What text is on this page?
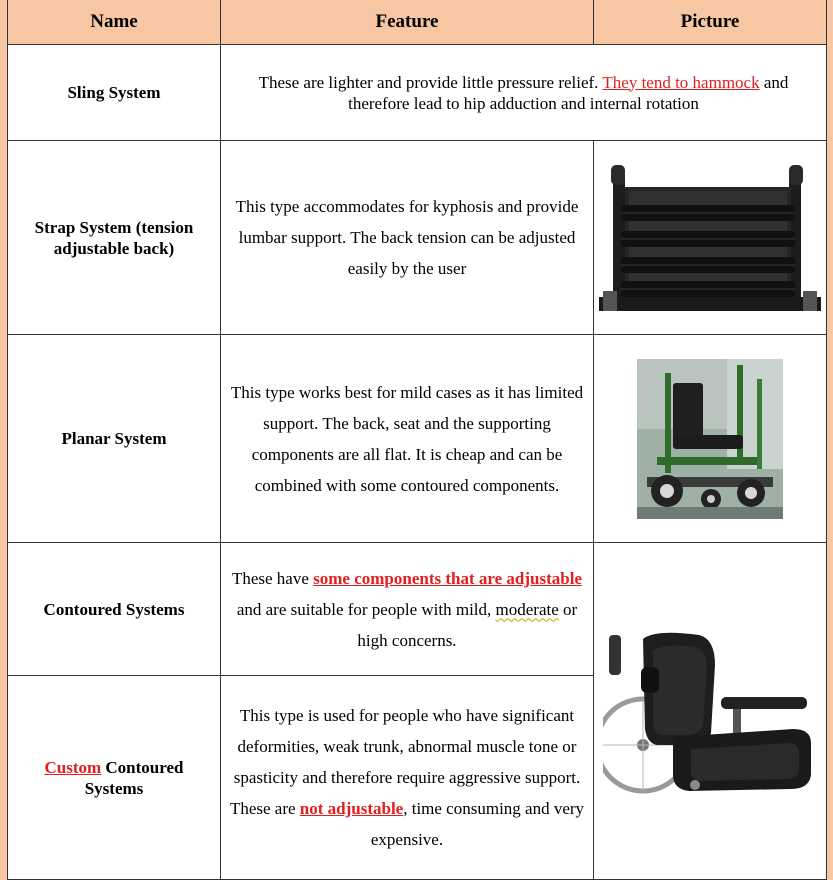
Name	Feature	Picture
Sling System	These are lighter and provide little pressure relief. They tend to hammock and therefore lead to hip adduction and internal rotation	
Strap System (tension adjustable back)	This type accommodates for kyphosis and provide lumbar support. The back tension can be adjusted easily by the user	

Planar System	This type works best for mild cases as it has limited support. The back, seat and the supporting components are all flat. It is cheap and can be combined with some contoured components.	

Contoured Systems	These have some components that are adjustable and are suitable for people with mild, moderate or high concerns.	

Custom Contoured Systems	This type is used for people who have significant deformities, weak trunk, abnormal muscle tone or spasticity and therefore require aggressive support. These are not adjustable, time consuming and very expensive.	
